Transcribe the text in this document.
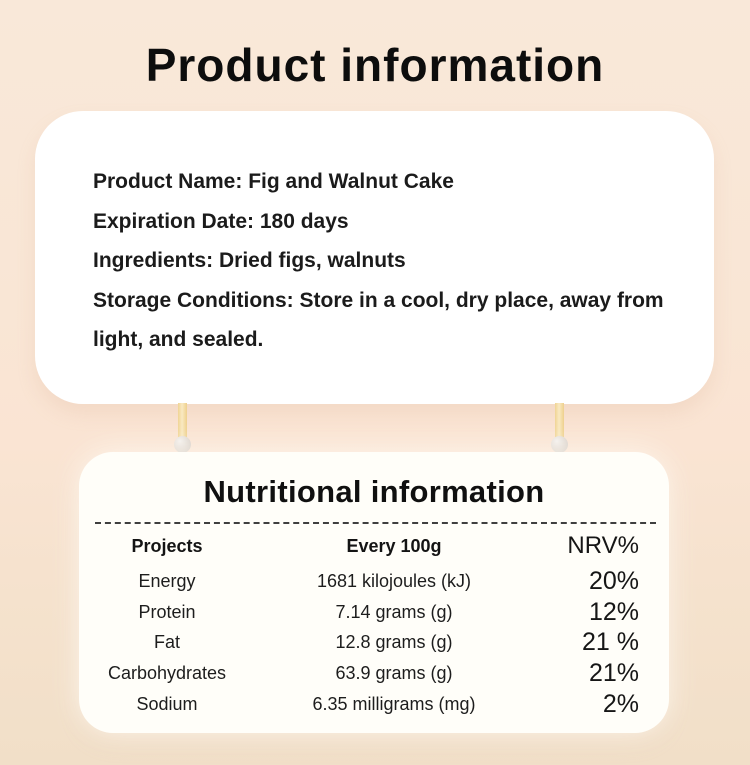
Product information

Product Name: Fig and Walnut Cake

Expiration Date: 180 days

Ingredients: Dried figs, walnuts

Storage Conditions: Store in a cool, dry place, away from light, and sealed.

Nutritional information
Projects	Every 100g	NRV%
Energy	1681 kilojoules (kJ)	20%
Protein	7.14 grams (g)	12%
Fat	12.8 grams (g)	21 %
Carbohydrates	63.9 grams (g)	21%
Sodium	6.35 milligrams (mg)	2%
